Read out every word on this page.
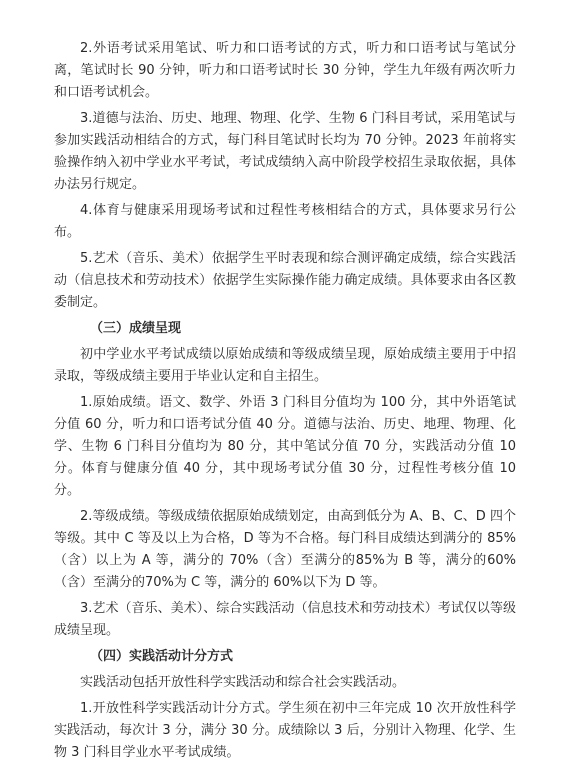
2.外语考试采用笔试、听力和口语考试的方式，听力和口语考试与笔试分离，笔试时长 90 分钟，听力和口语考试时长 30 分钟，学生九年级有两次听力和口语考试机会。

3.道德与法治、历史、地理、物理、化学、生物 6 门科目考试，采用笔试与参加实践活动相结合的方式，每门科目笔试时长均为 70 分钟。2023 年前将实验操作纳入初中学业水平考试，考试成绩纳入高中阶段学校招生录取依据，具体办法另行规定。

4.体育与健康采用现场考试和过程性考核相结合的方式，具体要求另行公布。

5.艺术（音乐、美术）依据学生平时表现和综合测评确定成绩，综合实践活动（信息技术和劳动技术）依据学生实际操作能力确定成绩。具体要求由各区教委制定。

（三）成绩呈现

初中学业水平考试成绩以原始成绩和等级成绩呈现，原始成绩主要用于中招录取，等级成绩主要用于毕业认定和自主招生。

1.原始成绩。语文、数学、外语 3 门科目分值均为 100 分，其中外语笔试分值 60 分，听力和口语考试分值 40 分。道德与法治、历史、地理、物理、化学、生物 6 门科目分值均为 80 分，其中笔试分值 70 分，实践活动分值 10 分。体育与健康分值 40 分，其中现场考试分值 30 分，过程性考核分值 10 分。

2.等级成绩。等级成绩依据原始成绩划定，由高到低分为 A、B、C、D 四个等级。其中 C 等及以上为合格，D 等为不合格。每门科目成绩达到满分的 85%（含）以上为 A 等，满分的 70%（含）至满分的85%为 B 等，满分的60%（含）至满分的70%为 C 等，满分的 60%以下为 D 等。

3.艺术（音乐、美术）、综合实践活动（信息技术和劳动技术）考试仅以等级成绩呈现。

（四）实践活动计分方式

实践活动包括开放性科学实践活动和综合社会实践活动。

1.开放性科学实践活动计分方式。学生须在初中三年完成 10 次开放性科学实践活动，每次计 3 分，满分 30 分。成绩除以 3 后，分别计入物理、化学、生物 3 门科目学业水平考试成绩。
